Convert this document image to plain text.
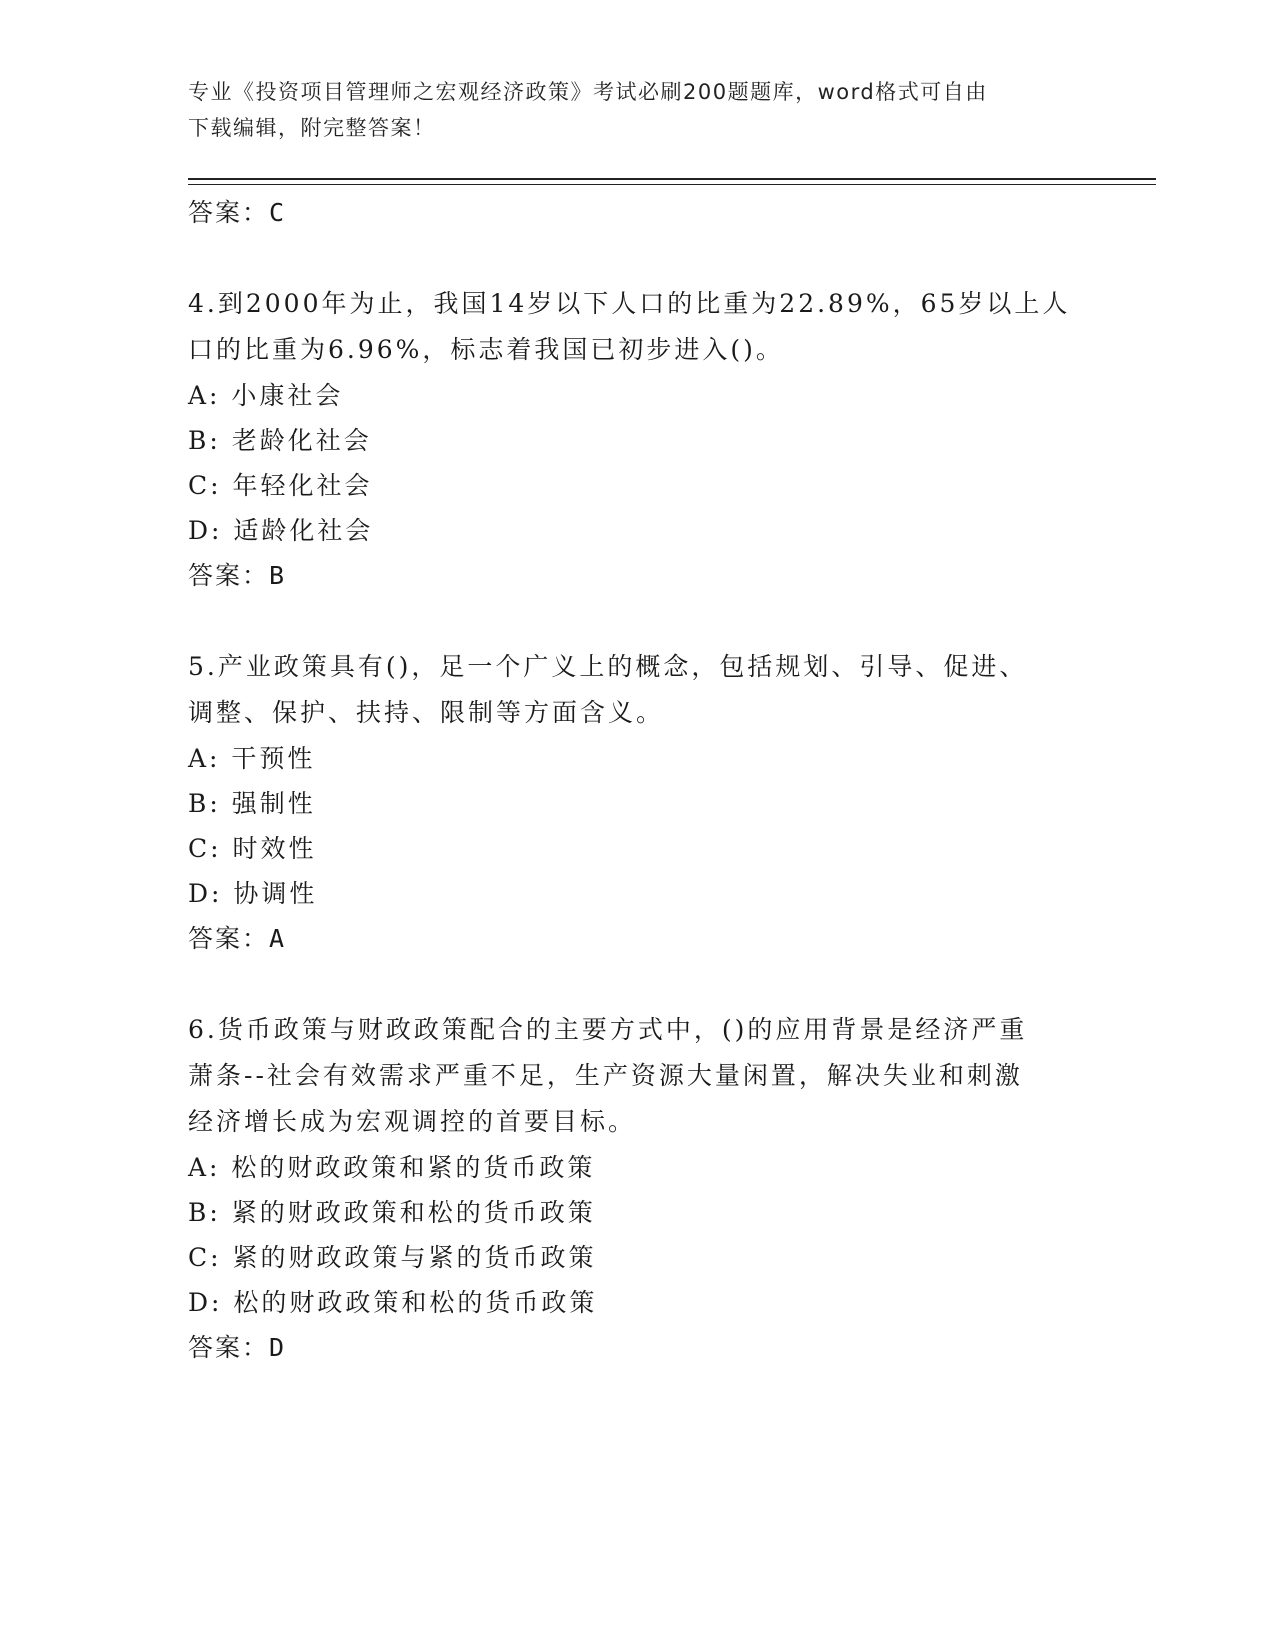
专业《投资项目管理师之宏观经济政策》考试必刷200题题库，word格式可自由
下载编辑，附完整答案！

答案：C

4.到2000年为止，我国14岁以下人口的比重为22.89%，65岁以上人

口的比重为6.96%，标志着我国已初步进入()。

A: 小康社会

B: 老龄化社会

C: 年轻化社会

D: 适龄化社会

答案：B

5.产业政策具有()，足一个广义上的概念，包括规划、引导、促进、

调整、保护、扶持、限制等方面含义。

A: 干预性

B: 强制性

C: 时效性

D: 协调性

答案：A

6.货币政策与财政政策配合的主要方式中，()的应用背景是经济严重

萧条--社会有效需求严重不足，生产资源大量闲置，解决失业和刺激

经济增长成为宏观调控的首要目标。

A: 松的财政政策和紧的货币政策

B: 紧的财政政策和松的货币政策

C: 紧的财政政策与紧的货币政策

D: 松的财政政策和松的货币政策

答案：D
